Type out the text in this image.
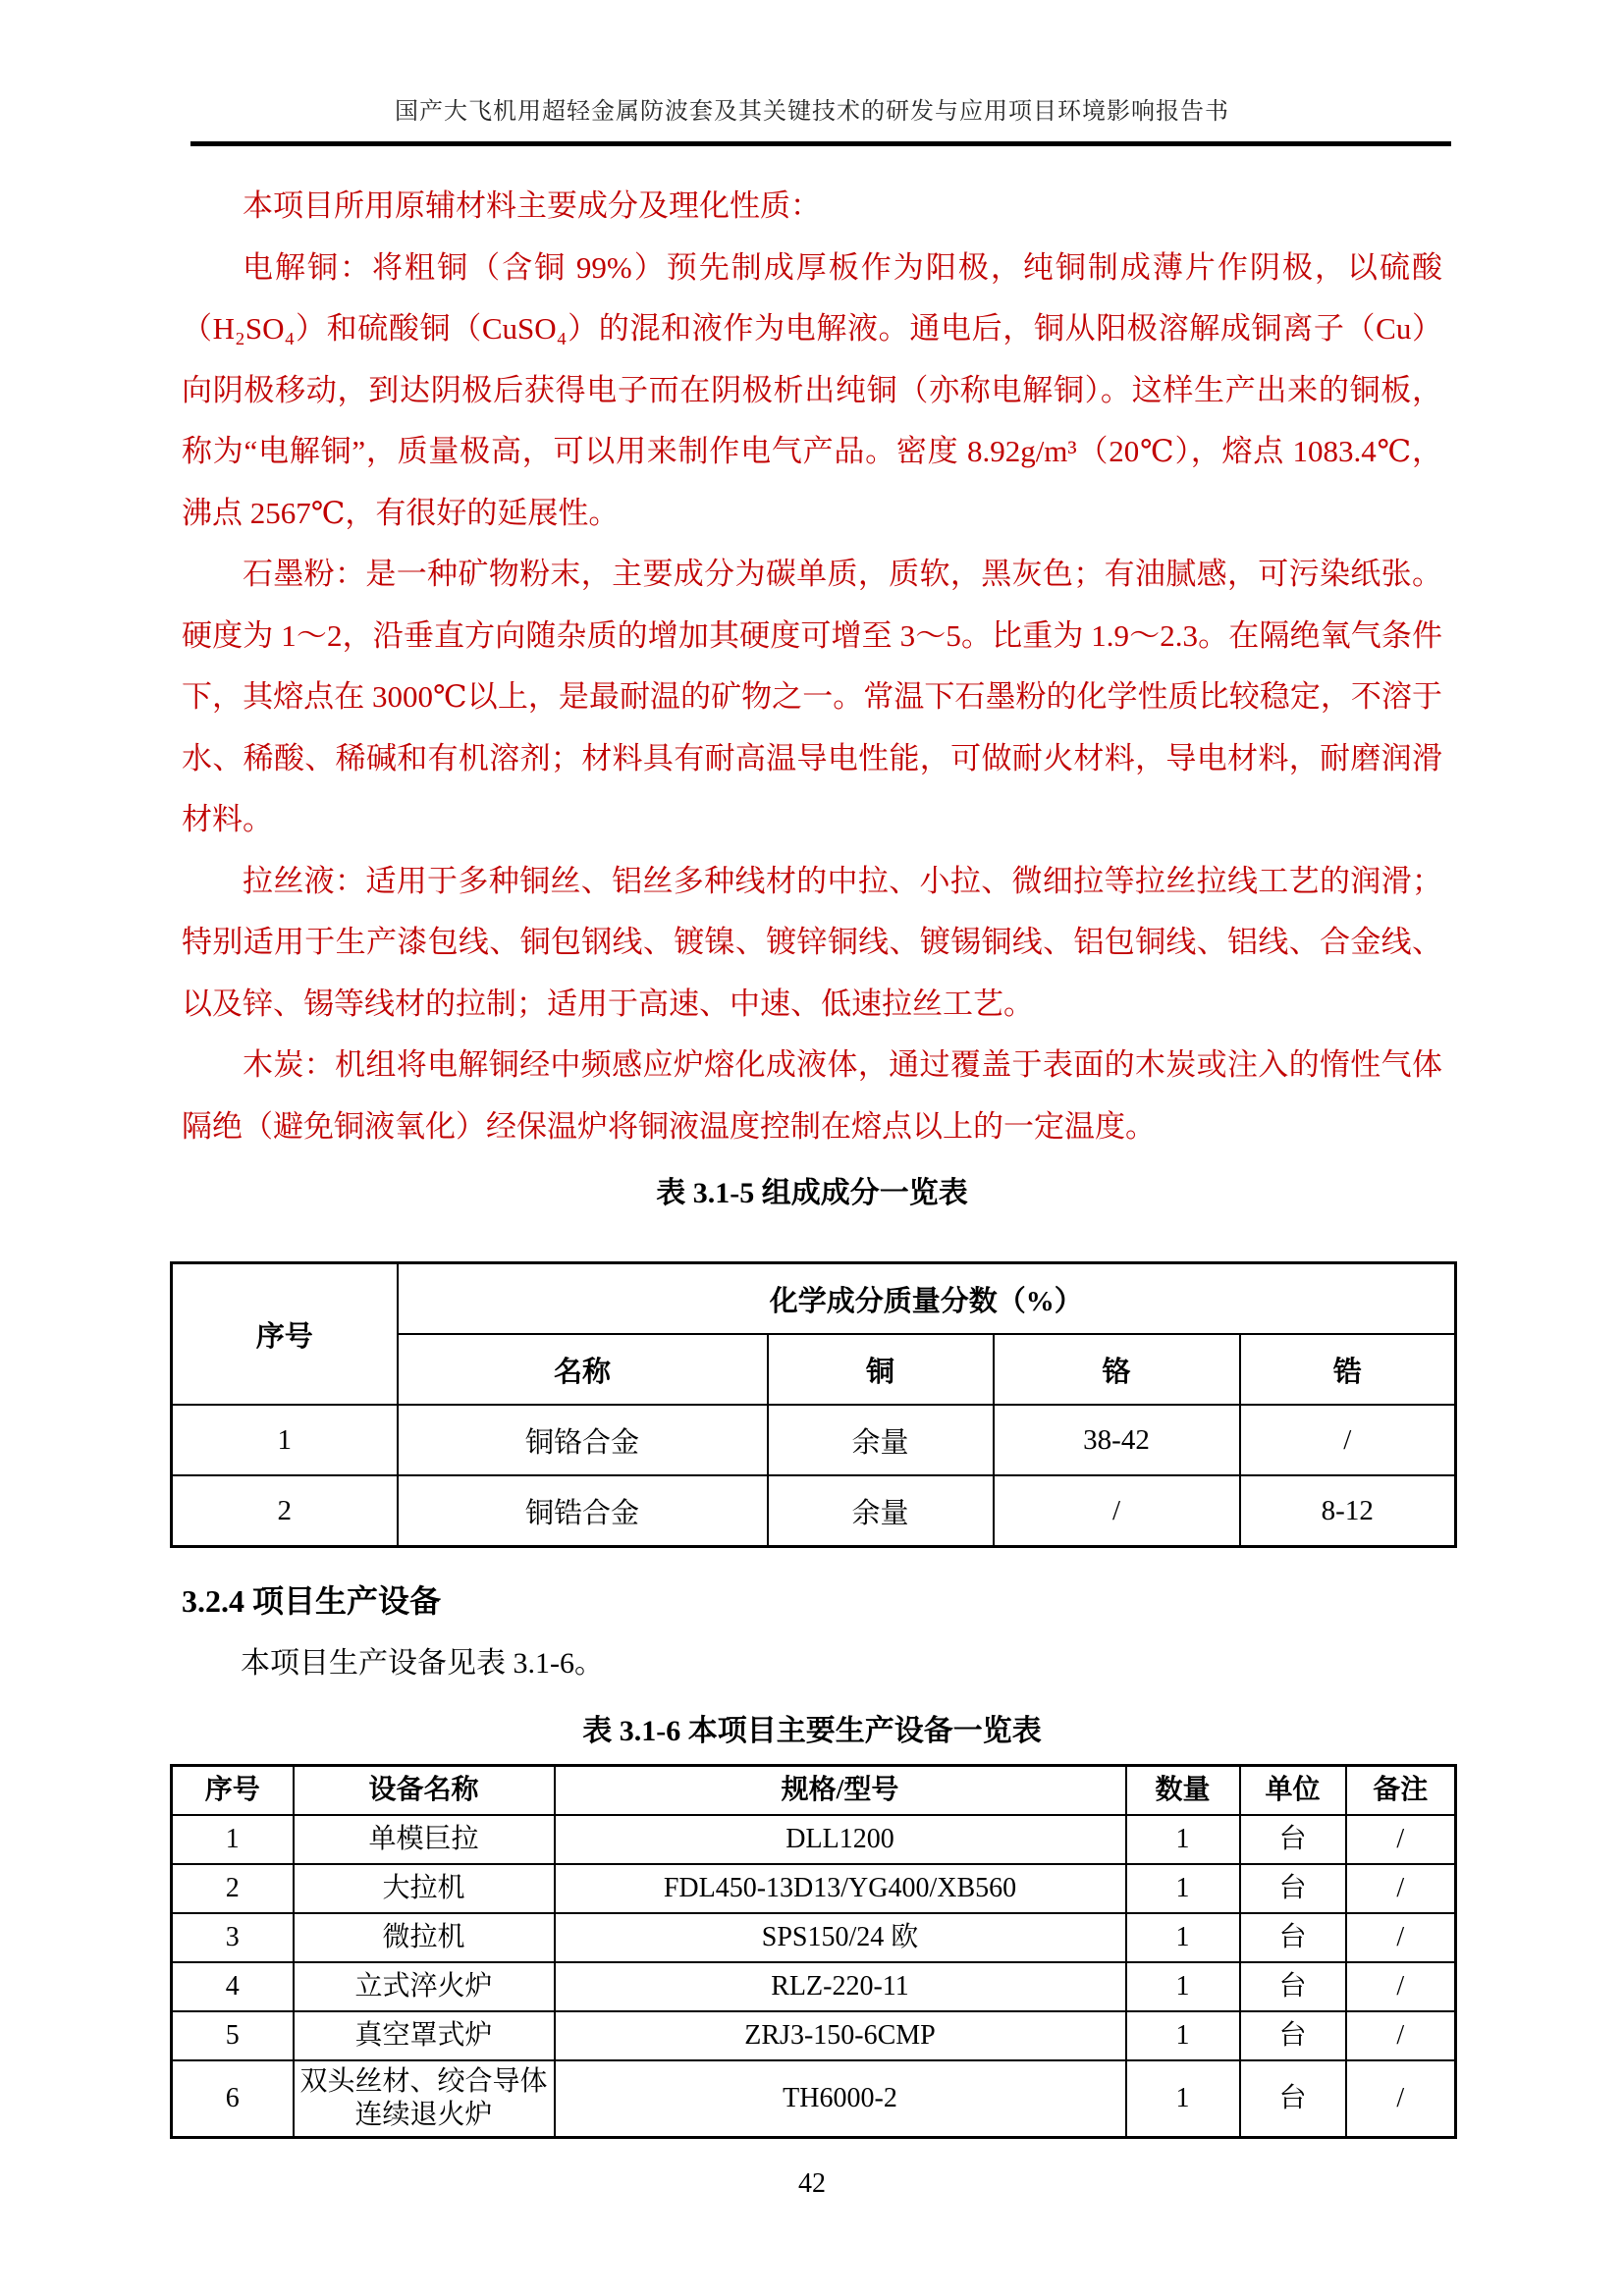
国产大飞机用超轻金属防波套及其关键技术的研发与应用项目环境影响报告书

本项目所用原辅材料主要成分及理化性质：

电解铜：将粗铜（含铜 99%）预先制成厚板作为阳极，纯铜制成薄片作阴极，以硫酸（H₂SO₄）和硫酸铜（CuSO₄）的混和液作为电解液。通电后，铜从阳极溶解成铜离子（Cu）向阴极移动，到达阴极后获得电子而在阴极析出纯铜（亦称电解铜）。这样生产出来的铜板，称为“电解铜”，质量极高，可以用来制作电气产品。密度 8.92g/m³（20℃），熔点 1083.4℃，沸点 2567℃，有很好的延展性。

石墨粉：是一种矿物粉末，主要成分为碳单质，质软，黑灰色；有油腻感，可污染纸张。硬度为 1～2，沿垂直方向随杂质的增加其硬度可增至 3～5。比重为 1.9～2.3。在隔绝氧气条件下，其熔点在 3000℃以上，是最耐温的矿物之一。常温下石墨粉的化学性质比较稳定，不溶于水、稀酸、稀碱和有机溶剂；材料具有耐高温导电性能，可做耐火材料，导电材料，耐磨润滑材料。

拉丝液：适用于多种铜丝、铝丝多种线材的中拉、小拉、微细拉等拉丝拉线工艺的润滑；特别适用于生产漆包线、铜包钢线、镀镍、镀锌铜线、镀锡铜线、铝包铜线、铝线、合金线、以及锌、锡等线材的拉制；适用于高速、中速、低速拉丝工艺。

木炭：机组将电解铜经中频感应炉熔化成液体，通过覆盖于表面的木炭或注入的惰性气体隔绝（避免铜液氧化）经保温炉将铜液温度控制在熔点以上的一定温度。

表 3.1-5 组成成分一览表
序号	化学成分质量分数（%）			
	名称	铜	铬	锆
1	铜铬合金	余量	38-42	/
2	铜锆合金	余量	/	8-12
3.2.4 项目生产设备
本项目生产设备见表 3.1-6。
表 3.1-6 本项目主要生产设备一览表
序号	设备名称	规格/型号	数量	单位	备注
1	单模巨拉	DLL1200	1	台	/
2	大拉机	FDL450-13D13/YG400/XB560	1	台	/
3	微拉机	SPS150/24 欧	1	台	/
4	立式淬火炉	RLZ-220-11	1	台	/
5	真空罩式炉	ZRJ3-150-6CMP	1	台	/
6	双头丝材、绞合导体连续退火炉	TH6000-2	1	台	/
42
